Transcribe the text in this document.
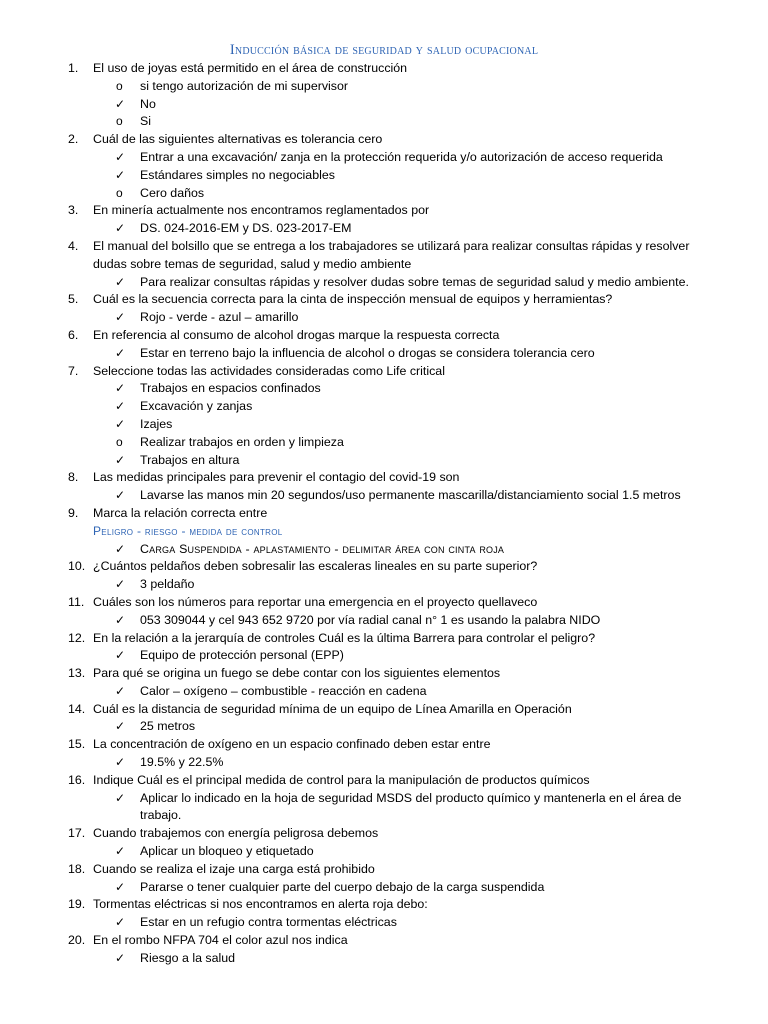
Inducción básica de seguridad y salud ocupacional
1. El uso de joyas está permitido en el área de construcción
o si tengo autorización de mi supervisor
✓ No
o Si
2. Cuál de las siguientes alternativas es tolerancia cero
✓ Entrar a una excavación/ zanja en la protección requerida y/o autorización de acceso requerida
✓ Estándares simples no negociables
o Cero daños
3. En minería actualmente nos encontramos reglamentados por
✓ DS. 024-2016-EM y DS. 023-2017-EM
4. El manual del bolsillo que se entrega a los trabajadores se utilizará para realizar consultas rápidas y resolver
dudas sobre temas de seguridad, salud y medio ambiente
✓ Para realizar consultas rápidas y resolver dudas sobre temas de seguridad salud y medio ambiente.
5. Cuál es la secuencia correcta para la cinta de inspección mensual de equipos y herramientas?
✓ Rojo - verde - azul – amarillo
6. En referencia al consumo de alcohol drogas marque la respuesta correcta
✓ Estar en terreno bajo la influencia de alcohol o drogas se considera tolerancia cero
7. Seleccione todas las actividades consideradas como Life critical
✓ Trabajos en espacios confinados
✓ Excavación y zanjas
✓ Izajes
o Realizar trabajos en orden y limpieza
✓ Trabajos en altura
8. Las medidas principales para prevenir el contagio del covid-19 son
✓ Lavarse las manos min 20 segundos/uso permanente mascarilla/distanciamiento social 1.5 metros
9. Marca la relación correcta entre
Peligro - riesgo - medida de control
✓ Carga Suspendida - aplastamiento - delimitar área con cinta roja
10. ¿Cuántos peldaños deben sobresalir las escaleras lineales en su parte superior?
✓ 3 peldaño
11. Cuáles son los números para reportar una emergencia en el proyecto quellaveco
✓ 053 309044 y cel 943 652 9720 por vía radial canal n° 1 es usando la palabra NIDO
12. En la relación a la jerarquía de controles Cuál es la última Barrera para controlar el peligro?
✓ Equipo de protección personal (EPP)
13. Para qué se origina un fuego se debe contar con los siguientes elementos
✓ Calor – oxígeno – combustible - reacción en cadena
14. Cuál es la distancia de seguridad mínima de un equipo de Línea Amarilla en Operación
✓ 25 metros
15. La concentración de oxígeno en un espacio confinado deben estar entre
✓ 19.5% y 22.5%
16. Indique Cuál es el principal medida de control para la manipulación de productos químicos
✓ Aplicar lo indicado en la hoja de seguridad MSDS del producto químico y mantenerla en el área de
trabajo.
17. Cuando trabajemos con energía peligrosa debemos
✓ Aplicar un bloqueo y etiquetado
18. Cuando se realiza el izaje una carga está prohibido
✓ Pararse o tener cualquier parte del cuerpo debajo de la carga suspendida
19. Tormentas eléctricas si nos encontramos en alerta roja debo:
✓ Estar en un refugio contra tormentas eléctricas
20. En el rombo NFPA 704 el color azul nos indica
✓ Riesgo a la salud
